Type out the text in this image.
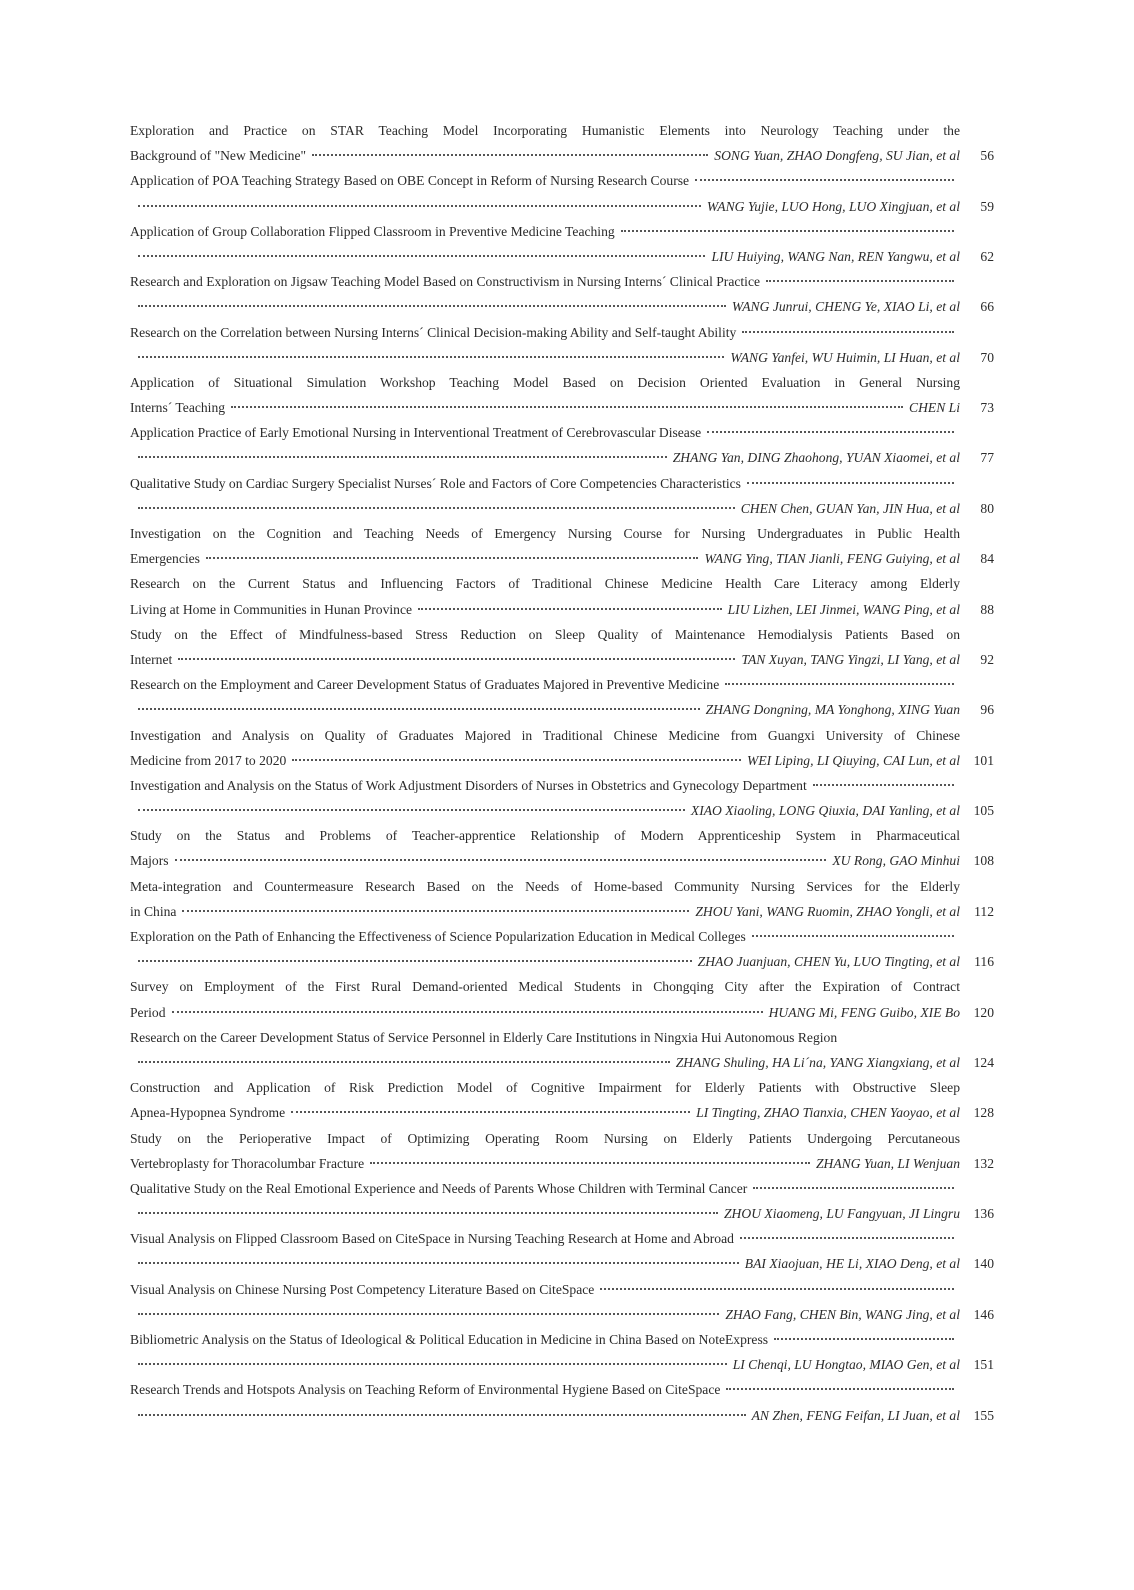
Exploration and Practice on STAR Teaching Model Incorporating Humanistic Elements into Neurology Teaching under the
Background of "New Medicine"	SONG Yuan, ZHAO Dongfeng, SU Jian, et al	56
Application of POA Teaching Strategy Based on OBE Concept in Reform of Nursing Research Course
WANG Yujie, LUO Hong, LUO Xingjuan, et al	59
Application of Group Collaboration Flipped Classroom in Preventive Medicine Teaching
LIU Huiying, WANG Nan, REN Yangwu, et al	62
Research and Exploration on Jigsaw Teaching Model Based on Constructivism in Nursing Interns´ Clinical Practice
WANG Junrui, CHENG Ye, XIAO Li, et al	66
Research on the Correlation between Nursing Interns´ Clinical Decision-making Ability and Self-taught Ability
WANG Yanfei, WU Huimin, LI Huan, et al	70
Application of Situational Simulation Workshop Teaching Model Based on Decision Oriented Evaluation in General Nursing
Interns´ Teaching	CHEN Li	73
Application Practice of Early Emotional Nursing in Interventional Treatment of Cerebrovascular Disease
ZHANG Yan, DING Zhaohong, YUAN Xiaomei, et al	77
Qualitative Study on Cardiac Surgery Specialist Nurses´ Role and Factors of Core Competencies Characteristics
CHEN Chen, GUAN Yan, JIN Hua, et al	80
Investigation on the Cognition and Teaching Needs of Emergency Nursing Course for Nursing Undergraduates in Public Health
Emergencies	WANG Ying, TIAN Jianli, FENG Guiying, et al	84
Research on the Current Status and Influencing Factors of Traditional Chinese Medicine Health Care Literacy among Elderly
Living at Home in Communities in Hunan Province	LIU Lizhen, LEI Jinmei, WANG Ping, et al	88
Study on the Effect of Mindfulness-based Stress Reduction on Sleep Quality of Maintenance Hemodialysis Patients Based on
Internet	TAN Xuyan, TANG Yingzi, LI Yang, et al	92
Research on the Employment and Career Development Status of Graduates Majored in Preventive Medicine
ZHANG Dongning, MA Yonghong, XING Yuan	96
Investigation and Analysis on Quality of Graduates Majored in Traditional Chinese Medicine from Guangxi University of Chinese
Medicine from 2017 to 2020	WEI Liping, LI Qiuying, CAI Lun, et al	101
Investigation and Analysis on the Status of Work Adjustment Disorders of Nurses in Obstetrics and Gynecology Department
XIAO Xiaoling, LONG Qiuxia, DAI Yanling, et al	105
Study on the Status and Problems of Teacher-apprentice Relationship of Modern Apprenticeship System in Pharmaceutical
Majors	XU Rong, GAO Minhui	108
Meta-integration and Countermeasure Research Based on the Needs of Home-based Community Nursing Services for the Elderly
in China	ZHOU Yani, WANG Ruomin, ZHAO Yongli, et al	112
Exploration on the Path of Enhancing the Effectiveness of Science Popularization Education in Medical Colleges
ZHAO Juanjuan, CHEN Yu, LUO Tingting, et al	116
Survey on Employment of the First Rural Demand-oriented Medical Students in Chongqing City after the Expiration of Contract
Period	HUANG Mi, FENG Guibo, XIE Bo	120
Research on the Career Development Status of Service Personnel in Elderly Care Institutions in Ningxia Hui Autonomous Region
ZHANG Shuling, HA Li´na, YANG Xiangxiang, et al	124
Construction and Application of Risk Prediction Model of Cognitive Impairment for Elderly Patients with Obstructive Sleep
Apnea-Hypopnea Syndrome	LI Tingting, ZHAO Tianxia, CHEN Yaoyao, et al	128
Study on the Perioperative Impact of Optimizing Operating Room Nursing on Elderly Patients Undergoing Percutaneous
Vertebroplasty for Thoracolumbar Fracture	ZHANG Yuan, LI Wenjuan	132
Qualitative Study on the Real Emotional Experience and Needs of Parents Whose Children with Terminal Cancer
ZHOU Xiaomeng, LU Fangyuan, JI Lingru	136
Visual Analysis on Flipped Classroom Based on CiteSpace in Nursing Teaching Research at Home and Abroad
BAI Xiaojuan, HE Li, XIAO Deng, et al	140
Visual Analysis on Chinese Nursing Post Competency Literature Based on CiteSpace
ZHAO Fang, CHEN Bin, WANG Jing, et al	146
Bibliometric Analysis on the Status of Ideological & Political Education in Medicine in China Based on NoteExpress
LI Chenqi, LU Hongtao, MIAO Gen, et al	151
Research Trends and Hotspots Analysis on Teaching Reform of Environmental Hygiene Based on CiteSpace
AN Zhen, FENG Feifan, LI Juan, et al	155
